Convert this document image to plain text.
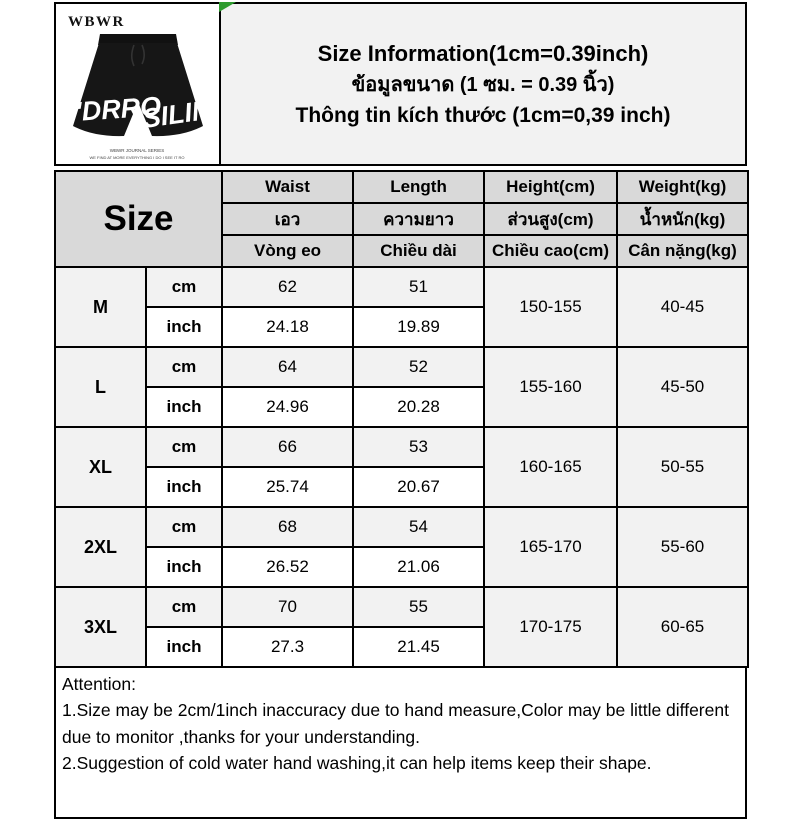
WBWR
'DRRO
SILIN
WBWR JOURNAL SERIES
WE FIND AT MORE EVERYTHING I DO I SEE IT RO
Size Information(1cm=0.39inch)
ข้อมูลขนาด (1 ซม. = 0.39 นิ้ว)
Thông tin kích thước (1cm=0,39 inch)
Size		Waist	Length	Height(cm)	Weight(kg)
		เอว	ความยาว	ส่วนสูง(cm)	น้ำหนัก(kg)
		Vòng eo	Chiều dài	Chiều cao(cm)	Cân nặng(kg)
M	cm	62	51	150-155	40-45
	inch	24.18	19.89		
L	cm	64	52	155-160	45-50
	inch	24.96	20.28		
XL	cm	66	53	160-165	50-55
	inch	25.74	20.67		
2XL	cm	68	54	165-170	55-60
	inch	26.52	21.06		
3XL	cm	70	55	170-175	60-65
	inch	27.3	21.45		

Attention:

1.Size may be 2cm/1inch inaccuracy due to hand measure,Color may be little different due to monitor ,thanks for your understanding.

2.Suggestion of cold water hand washing,it can help items keep their shape.
